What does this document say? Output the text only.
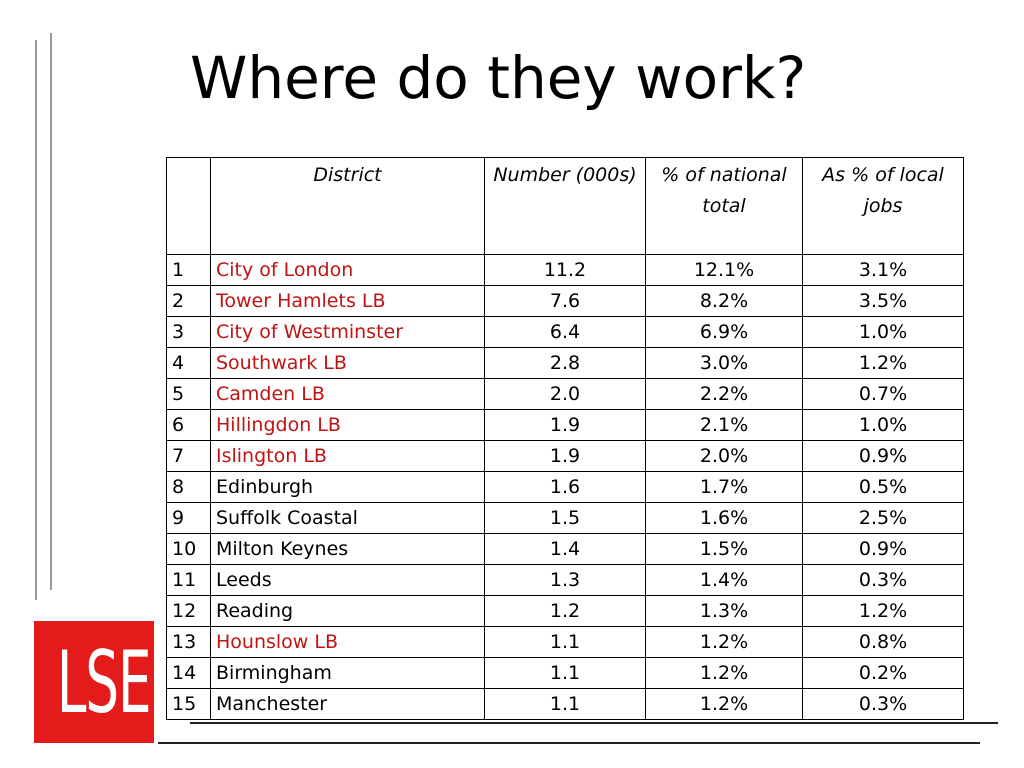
LSE
Where do they work?
	District	Number (000s)	% of national total	As % of local jobs
1	City of London	11.2	12.1%	3.1%
2	Tower Hamlets LB	7.6	8.2%	3.5%
3	City of Westminster	6.4	6.9%	1.0%
4	Southwark LB	2.8	3.0%	1.2%
5	Camden LB	2.0	2.2%	0.7%
6	Hillingdon LB	1.9	2.1%	1.0%
7	Islington LB	1.9	2.0%	0.9%
8	Edinburgh	1.6	1.7%	0.5%
9	Suffolk Coastal	1.5	1.6%	2.5%
10	Milton Keynes	1.4	1.5%	0.9%
11	Leeds	1.3	1.4%	0.3%
12	Reading	1.2	1.3%	1.2%
13	Hounslow LB	1.1	1.2%	0.8%
14	Birmingham	1.1	1.2%	0.2%
15	Manchester	1.1	1.2%	0.3%
